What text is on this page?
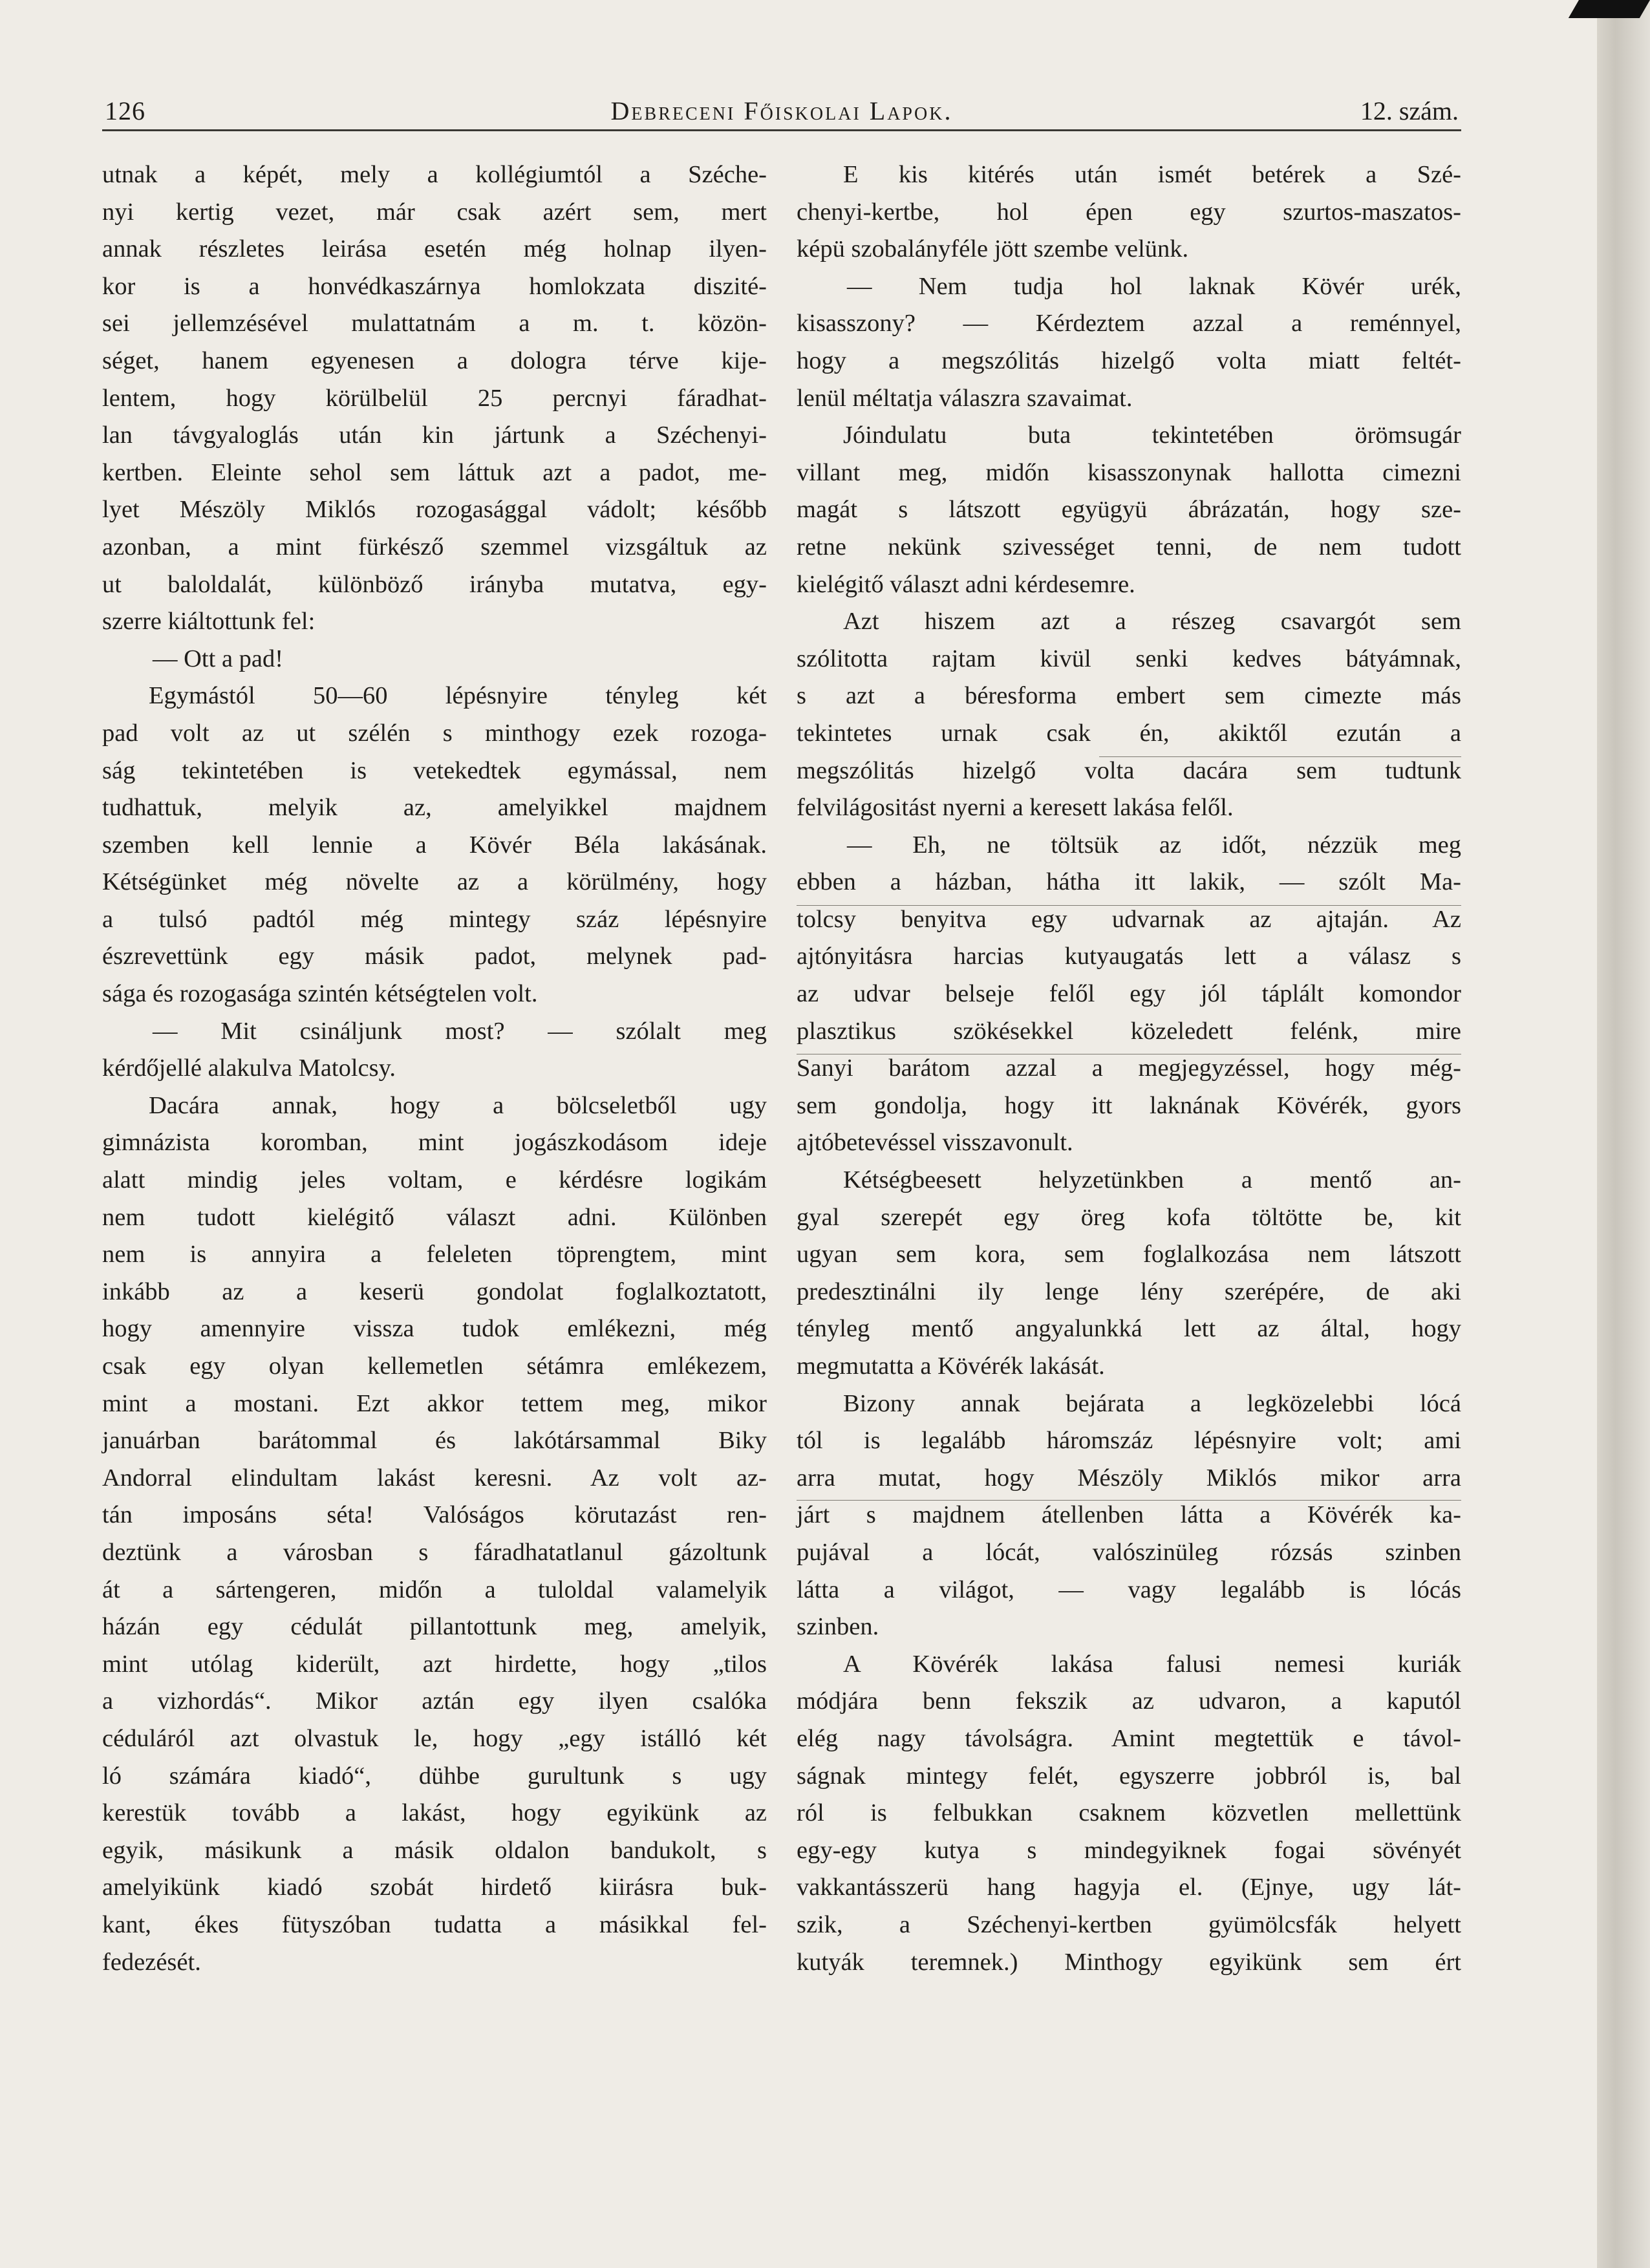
126	Debreceni Főiskolai Lapok.	12. szám.
utnak a képét, mely a kollégiumtól a Széche-
nyi kertig vezet, már csak azért sem, mert
annak részletes leirása esetén még holnap ilyen-
kor is a honvédkaszárnya homlokzata diszité-
sei jellemzésével mulattatnám a m. t. közön-
séget, hanem egyenesen a dologra térve kije-
lentem, hogy körülbelül 25 percnyi fáradhat-
lan távgyaloglás után kin jártunk a Széchenyi-
kertben. Eleinte sehol sem láttuk azt a padot, me-
lyet Mészöly Miklós rozogasággal vádolt; később
azonban, a mint fürkésző szemmel vizsgáltuk az
ut baloldalát, különböző irányba mutatva, egy-
szerre kiáltottunk fel:
— Ott a pad!
Egymástól 50—60 lépésnyire tényleg két
pad volt az ut szélén s minthogy ezek rozoga-
ság tekintetében is vetekedtek egymással, nem
tudhattuk, melyik az, amelyikkel majdnem
szemben kell lennie a Kövér Béla lakásának.
Kétségünket még növelte az a körülmény, hogy
a tulsó padtól még mintegy száz lépésnyire
észrevettünk egy másik padot, melynek pad-
sága és rozogasága szintén kétségtelen volt.
— Mit csináljunk most? — szólalt meg
kérdőjellé alakulva Matolcsy.
Dacára annak, hogy a bölcseletből ugy
gimnázista koromban, mint jogászkodásom ideje
alatt mindig jeles voltam, e kérdésre logikám
nem tudott kielégitő választ adni. Különben
nem is annyira a feleleten töprengtem, mint
inkább az a keserü gondolat foglalkoztatott,
hogy amennyire vissza tudok emlékezni, még
csak egy olyan kellemetlen sétámra emlékezem,
mint a mostani. Ezt akkor tettem meg, mikor
januárban barátommal és lakótársammal Biky
Andorral elindultam lakást keresni. Az volt az-
tán imposáns séta! Valóságos körutazást ren-
deztünk a városban s fáradhatatlanul gázoltunk
át a sártengeren, midőn a tuloldal valamelyik
házán egy cédulát pillantottunk meg, amelyik,
mint utólag kiderült, azt hirdette, hogy „tilos
a vizhordás“. Mikor aztán egy ilyen csalóka
céduláról azt olvastuk le, hogy „egy istálló két
ló számára kiadó“, dühbe gurultunk s ugy
kerestük tovább a lakást, hogy egyikünk az
egyik, másikunk a másik oldalon bandukolt, s
amelyikünk kiadó szobát hirdető kiirásra buk-
kant, ékes fütyszóban tudatta a másikkal fel-
fedezését.
E kis kitérés után ismét betérek a Szé-
chenyi-kertbe, hol épen egy szurtos-maszatos-
képü szobalányféle jött szembe velünk.
— Nem tudja hol laknak Kövér urék,
kisasszony? — Kérdeztem azzal a reménnyel,
hogy a megszólitás hizelgő volta miatt feltét-
lenül méltatja válaszra szavaimat.
Jóindulatu buta tekintetében örömsugár
villant meg, midőn kisasszonynak hallotta cimezni
magát s látszott együgyü ábrázatán, hogy sze-
retne nekünk szivességet tenni, de nem tudott
kielégitő választ adni kérdesemre.
Azt hiszem azt a részeg csavargót sem
szólitotta rajtam kivül senki kedves bátyámnak,
s azt a béresforma embert sem cimezte más
tekintetes urnak csak én, akiktől ezután a
megszólitás hizelgő volta dacára sem tudtunk
felvilágositást nyerni a keresett lakása felől.
— Eh, ne töltsük az időt, nézzük meg
ebben a házban, hátha itt lakik, — szólt Ma-
tolcsy benyitva egy udvarnak az ajtaján. Az
ajtónyitásra harcias kutyaugatás lett a válasz s
az udvar belseje felől egy jól táplált komondor
plasztikus szökésekkel közeledett felénk, mire
Sanyi barátom azzal a megjegyzéssel, hogy még-
sem gondolja, hogy itt laknának Kövérék, gyors
ajtóbetevéssel visszavonult.
Kétségbeesett helyzetünkben a mentő an-
gyal szerepét egy öreg kofa töltötte be, kit
ugyan sem kora, sem foglalkozása nem látszott
predesztinálni ily lenge lény szerépére, de aki
tényleg mentő angyalunkká lett az által, hogy
megmutatta a Kövérék lakását.
Bizony annak bejárata a legközelebbi lócá
tól is legalább háromszáz lépésnyire volt; ami
arra mutat, hogy Mészöly Miklós mikor arra
járt s majdnem átellenben látta a Kövérék ka-
pujával a lócát, valószinüleg rózsás szinben
látta a világot, — vagy legalább is lócás
szinben.
A Kövérék lakása falusi nemesi kuriák
módjára benn fekszik az udvaron, a kaputól
elég nagy távolságra. Amint megtettük e távol-
ságnak mintegy felét, egyszerre jobbról is, bal
ról is felbukkan csaknem közvetlen mellettünk
egy-egy kutya s mindegyiknek fogai sövényét
vakkantásszerü hang hagyja el. (Ejnye, ugy lát-
szik, a Széchenyi-kertben gyümölcsfák helyett
kutyák teremnek.) Minthogy egyikünk sem ért
